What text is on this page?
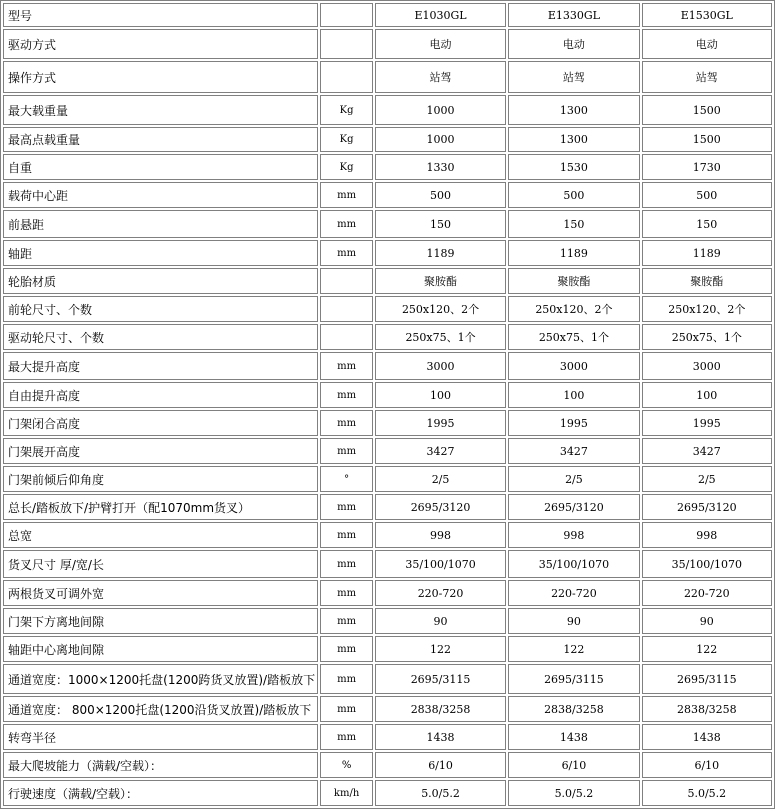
型号		E1030GL	E1330GL	E1530GL
驱动方式		电动	电动	电动
操作方式		站驾	站驾	站驾
最大载重量	Kg	1000	1300	1500
最高点载重量	Kg	1000	1300	1500
自重	Kg	1330	1530	1730
载荷中心距	mm	500	500	500
前悬距	mm	150	150	150
轴距	mm	1189	1189	1189
轮胎材质		聚胺酯	聚胺酯	聚胺酯
前轮尺寸、个数		250x120、2个	250x120、2个	250x120、2个
驱动轮尺寸、个数		250x75、1个	250x75、1个	250x75、1个
最大提升高度	mm	3000	3000	3000
自由提升高度	mm	100	100	100
门架闭合高度	mm	1995	1995	1995
门架展开高度	mm	3427	3427	3427
门架前倾后仰角度	°	2/5	2/5	2/5
总长/踏板放下/护臂打开（配1070mm货叉）	mm	2695/3120	2695/3120	2695/3120
总宽	mm	998	998	998
货叉尺寸 厚/宽/长	mm	35/100/1070	35/100/1070	35/100/1070
两根货叉可调外宽	mm	220-720	220-720	220-720
门架下方离地间隙	mm	90	90	90
轴距中心离地间隙	mm	122	122	122
通道宽度：1000×1200托盘(1200跨货叉放置)/踏板放下	mm	2695/3115	2695/3115	2695/3115
通道宽度： 800×1200托盘(1200沿货叉放置)/踏板放下	mm	2838/3258	2838/3258	2838/3258
转弯半径	mm	1438	1438	1438
最大爬坡能力（满载/空载）：	%	6/10	6/10	6/10
行驶速度（满载/空载）：	km/h	5.0/5.2	5.0/5.2	5.0/5.2
